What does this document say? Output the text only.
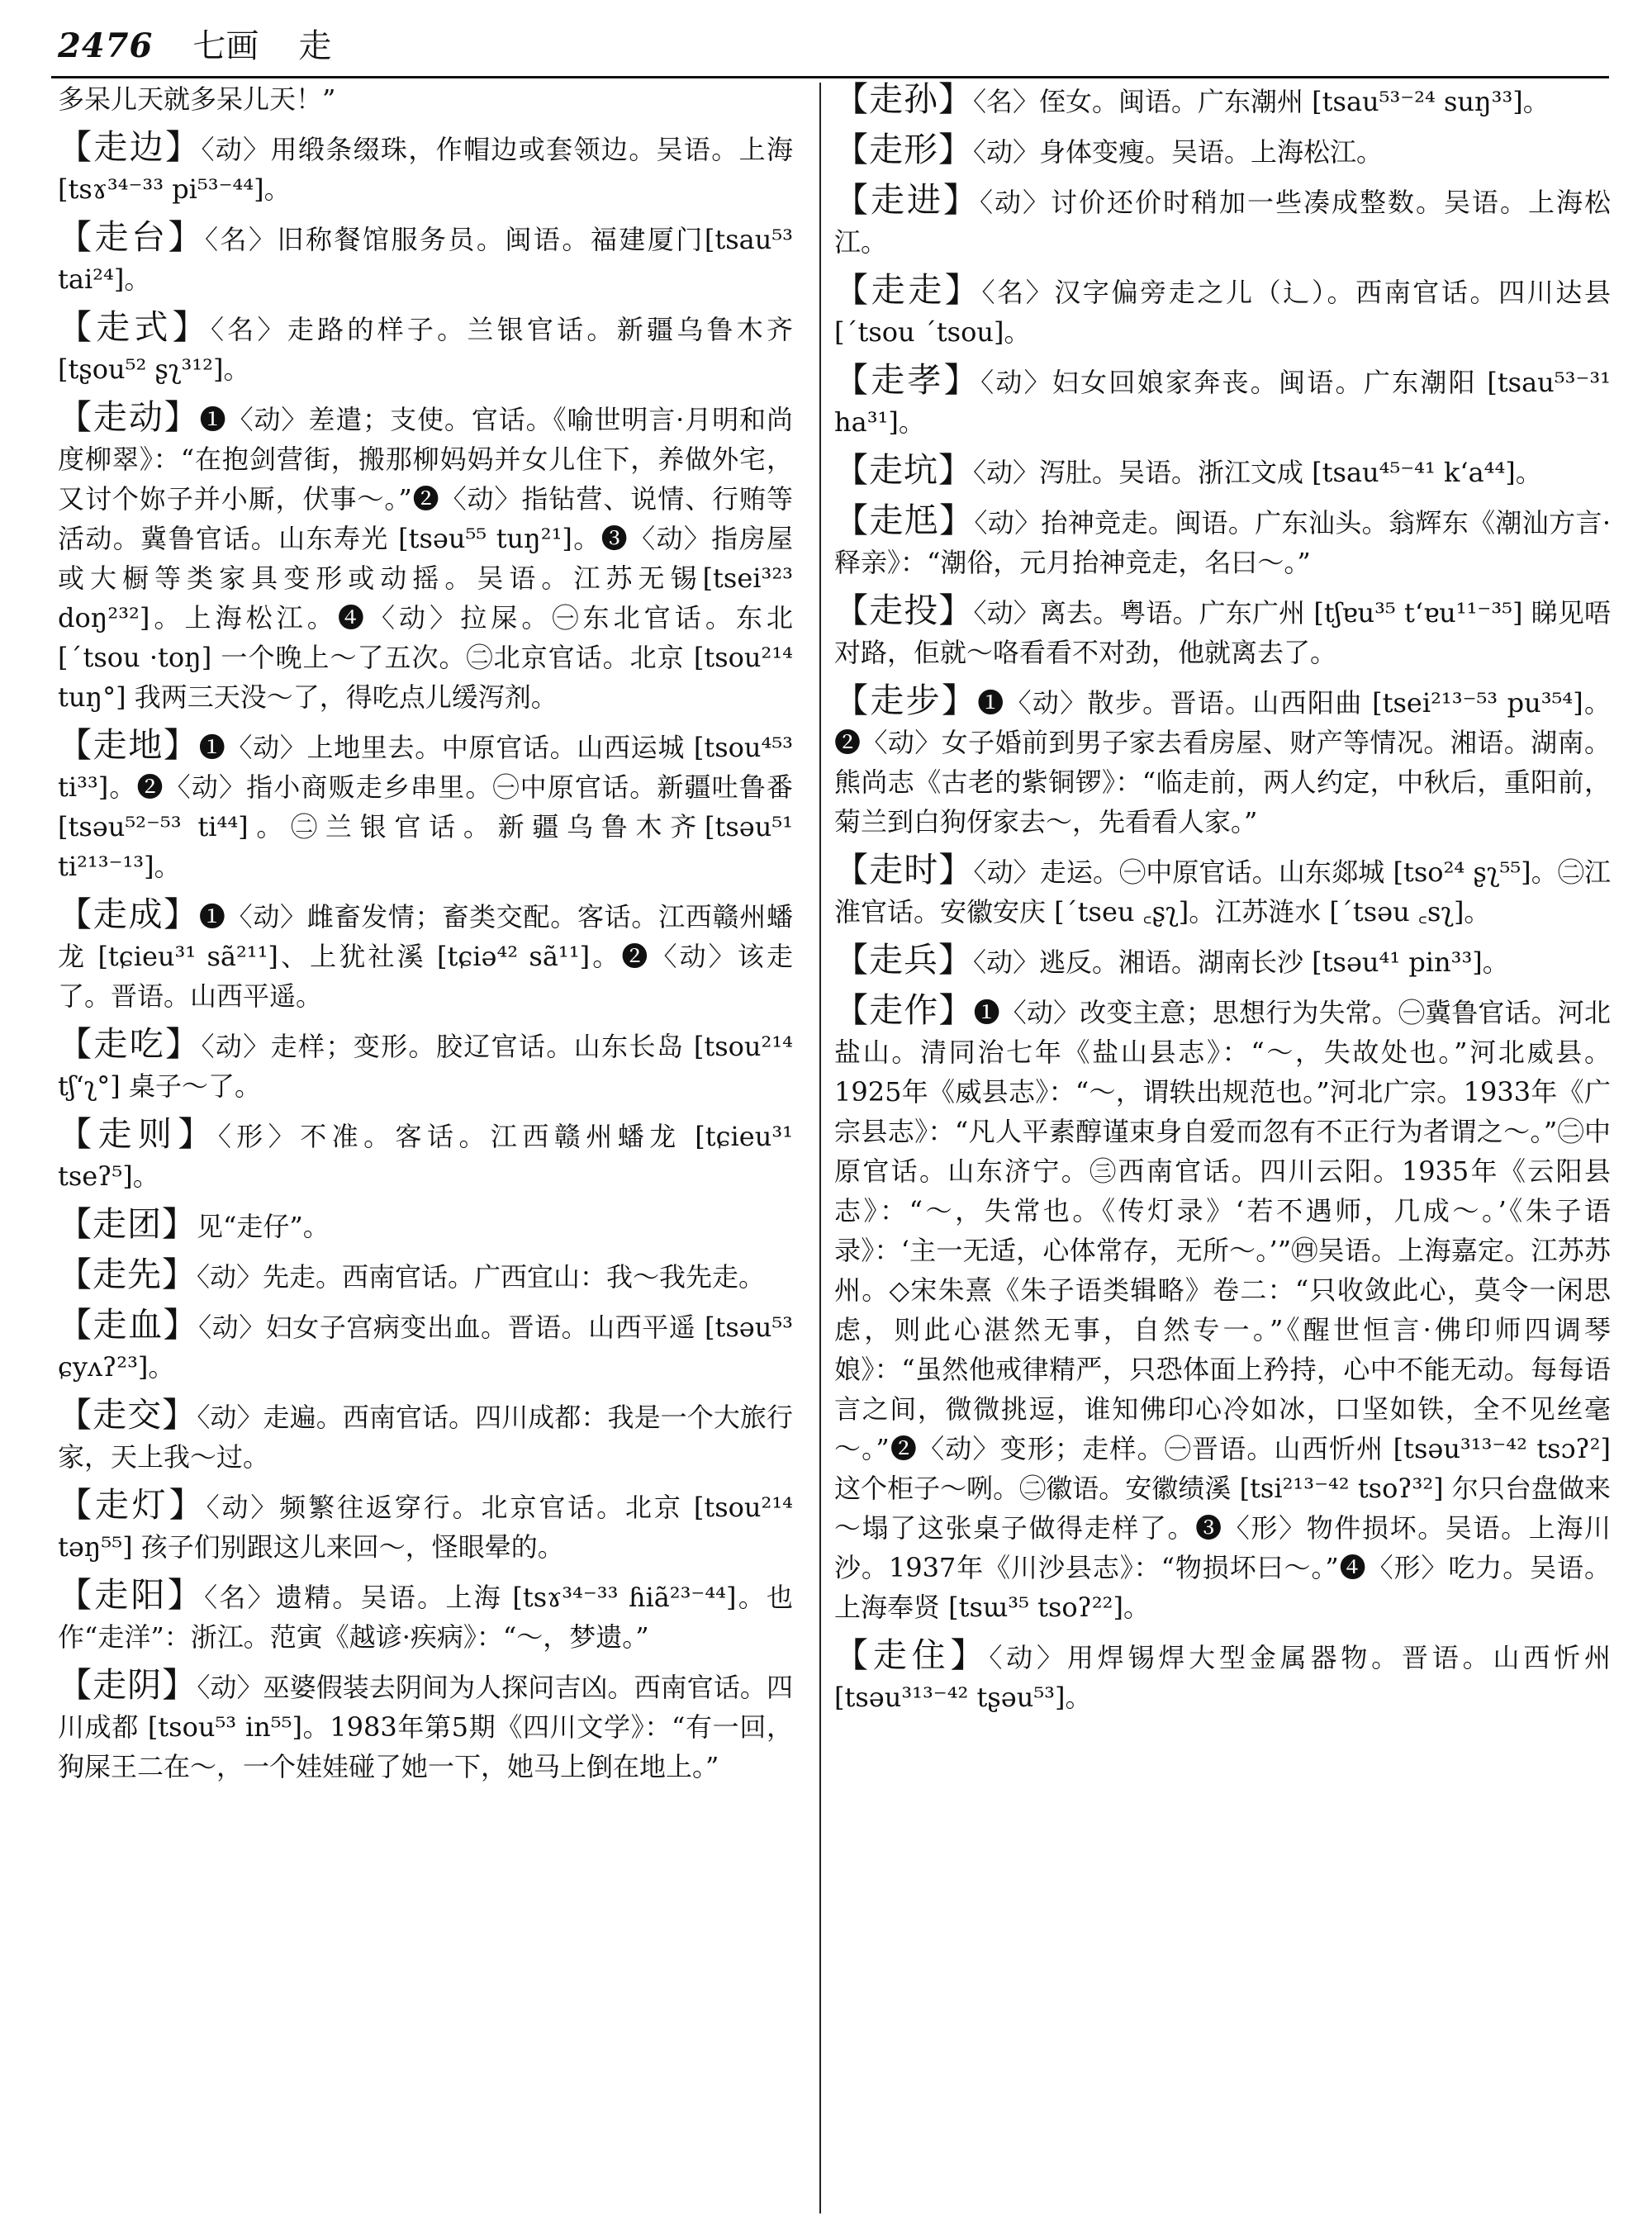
2476 七画 走

多呆儿天就多呆儿天！”

【走边】〈动〉用缎条缀珠，作帽边或套领边。吴语。上海[tsɤ³⁴⁻³³ pi⁵³⁻⁴⁴]。

【走台】〈名〉旧称餐馆服务员。闽语。福建厦门[tsau⁵³ tai²⁴]。

【走式】〈名〉走路的样子。兰银官话。新疆乌鲁木齐[tʂou⁵² ʂʅ³¹²]。

【走动】❶〈动〉差遣；支使。官话。《喻世明言·月明和尚度柳翠》：“在抱剑营街，搬那柳妈妈并女儿住下，养做外宅，又讨个妳子并小厮，伏事～。”❷〈动〉指钻营、说情、行贿等活动。冀鲁官话。山东寿光 [tsəu⁵⁵ tuŋ²¹]。❸〈动〉指房屋或大橱等类家具变形或动摇。吴语。江苏无锡[tsei³²³ doŋ²³²]。上海松江。❹〈动〉拉屎。㊀东北官话。东北 [ˊtsou ·toŋ] 一个晚上～了五次。㊁北京官话。北京 [tsou²¹⁴ tuŋ°] 我两三天没～了，得吃点儿缓泻剂。

【走地】❶〈动〉上地里去。中原官话。山西运城 [tsou⁴⁵³ ti³³]。❷〈动〉指小商贩走乡串里。㊀中原官话。新疆吐鲁番[tsəu⁵²⁻⁵³ ti⁴⁴]。㊁兰银官话。新疆乌鲁木齐[tsəu⁵¹ ti²¹³⁻¹³]。

【走成】❶〈动〉雌畜发情；畜类交配。客话。江西赣州蟠龙 [tɕieu³¹ sã²¹¹]、上犹社溪 [tɕiə⁴² sã¹¹]。❷〈动〉该走了。晋语。山西平遥。

【走吃】〈动〉走样；变形。胶辽官话。山东长岛 [tsou²¹⁴ tʃʻʅ°] 桌子～了。

【走则】〈形〉不准。客话。江西赣州蟠龙 [tɕieu³¹ tseʔ⁵]。

【走团】见“走仔”。

【走先】〈动〉先走。西南官话。广西宜山：我～我先走。

【走血】〈动〉妇女子宫病变出血。晋语。山西平遥 [tsəu⁵³ ɕyʌʔ²³]。

【走交】〈动〉走遍。西南官话。四川成都：我是一个大旅行家，天上我～过。

【走灯】〈动〉频繁往返穿行。北京官话。北京 [tsou²¹⁴ təŋ⁵⁵] 孩子们别跟这儿来回～，怪眼晕的。

【走阳】〈名〉遗精。吴语。上海 [tsɤ³⁴⁻³³ ɦiã²³⁻⁴⁴]。也作“走洋”：浙江。范寅《越谚·疾病》：“～，梦遗。”

【走阴】〈动〉巫婆假装去阴间为人探问吉凶。西南官话。四川成都 [tsou⁵³ in⁵⁵]。1983年第5期《四川文学》：“有一回，狗屎王二在～，一个娃娃碰了她一下，她马上倒在地上。”

【走孙】〈名〉侄女。闽语。广东潮州 [tsau⁵³⁻²⁴ suŋ³³]。

【走形】〈动〉身体变瘦。吴语。上海松江。

【走进】〈动〉讨价还价时稍加一些凑成整数。吴语。上海松江。

【走走】〈名〉汉字偏旁走之儿（辶）。西南官话。四川达县 [ˊtsou ˊtsou]。

【走孝】〈动〉妇女回娘家奔丧。闽语。广东潮阳 [tsau⁵³⁻³¹ ha³¹]。

【走坑】〈动〉泻肚。吴语。浙江文成 [tsau⁴⁵⁻⁴¹ kʻa⁴⁴]。

【走尪】〈动〉抬神竞走。闽语。广东汕头。翁辉东《潮汕方言·释亲》：“潮俗，元月抬神竞走，名曰～。”

【走投】〈动〉离去。粤语。广东广州 [tʃɐu³⁵ tʻɐu¹¹⁻³⁵] 睇见唔对路，佢就～咯看看不对劲，他就离去了。

【走步】❶〈动〉散步。晋语。山西阳曲 [tsei²¹³⁻⁵³ pu³⁵⁴]。❷〈动〉女子婚前到男子家去看房屋、财产等情况。湘语。湖南。熊尚志《古老的紫铜锣》：“临走前，两人约定，中秋后，重阳前，菊兰到白狗伢家去～，先看看人家。”

【走时】〈动〉走运。㊀中原官话。山东郯城 [tso²⁴ ʂʅ⁵⁵]。㊁江淮官话。安徽安庆 [ˊtseu ꜀ʂʅ]。江苏涟水 [ˊtsəu ꜀sʅ]。

【走兵】〈动〉逃反。湘语。湖南长沙 [tsəu⁴¹ pin³³]。

【走作】❶〈动〉改变主意；思想行为失常。㊀冀鲁官话。河北盐山。清同治七年《盐山县志》：“～，失故处也。”河北威县。1925年《威县志》：“～，谓轶出规范也。”河北广宗。1933年《广宗县志》：“凡人平素醇谨束身自爱而忽有不正行为者谓之～。”㊁中原官话。山东济宁。㊂西南官话。四川云阳。1935年《云阳县志》：“～，失常也。《传灯录》‘若不遇师，几成～。’《朱子语录》：‘主一无适，心体常存，无所～。’”㊃吴语。上海嘉定。江苏苏州。◇宋朱熹《朱子语类辑略》卷二：“只收敛此心，莫令一闲思虑，则此心湛然无事，自然专一。”《醒世恒言·佛印师四调琴娘》：“虽然他戒律精严，只恐体面上矜持，心中不能无动。每每语言之间，微微挑逗，谁知佛印心冷如冰，口坚如铁，全不见丝毫～。”❷〈动〉变形；走样。㊀晋语。山西忻州 [tsəu³¹³⁻⁴² tsɔʔ²] 这个柜子～咧。㊁徽语。安徽绩溪 [tsi²¹³⁻⁴² tsoʔ³²] 尔只台盘做来～塌了这张桌子做得走样了。❸〈形〉物件损坏。吴语。上海川沙。1937年《川沙县志》：“物损坏曰～。”❹〈形〉吃力。吴语。上海奉贤 [tsɯ³⁵ tsoʔ²²]。

【走住】〈动〉用焊锡焊大型金属器物。晋语。山西忻州 [tsəu³¹³⁻⁴² tʂəu⁵³]。
